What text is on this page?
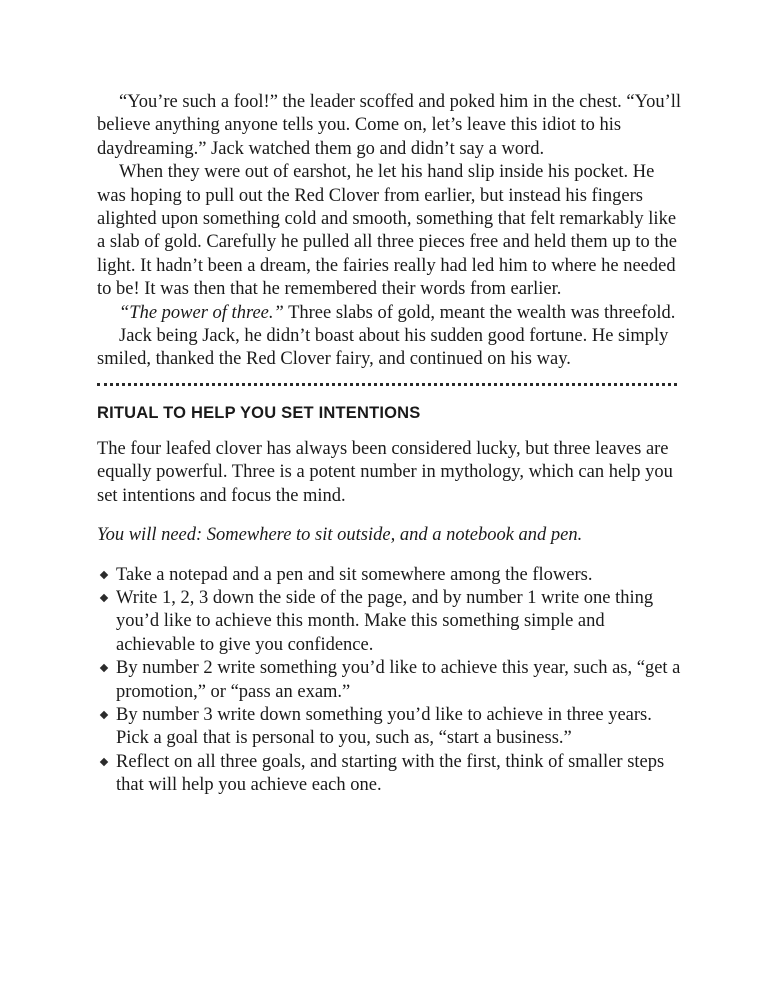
“You’re such a fool!” the leader scoffed and poked him in the chest. “You’ll believe anything anyone tells you. Come on, let’s leave this idiot to his daydreaming.” Jack watched them go and didn’t say a word.

When they were out of earshot, he let his hand slip inside his pocket. He was hoping to pull out the Red Clover from earlier, but instead his fingers alighted upon something cold and smooth, something that felt remarkably like a slab of gold. Carefully he pulled all three pieces free and held them up to the light. It hadn’t been a dream, the fairies really had led him to where he needed to be! It was then that he remembered their words from earlier.

“The power of three.” Three slabs of gold, meant the wealth was threefold.

Jack being Jack, he didn’t boast about his sudden good fortune. He simply smiled, thanked the Red Clover fairy, and continued on his way.

RITUAL TO HELP YOU SET INTENTIONS

The four leafed clover has always been considered lucky, but three leaves are equally powerful. Three is a potent number in mythology, which can help you set intentions and focus the mind.

You will need: Somewhere to sit outside, and a notebook and pen.

Take a notepad and a pen and sit somewhere among the flowers.
Write 1, 2, 3 down the side of the page, and by number 1 write one thing you’d like to achieve this month. Make this something simple and achievable to give you confidence.
By number 2 write something you’d like to achieve this year, such as, “get a promotion,” or “pass an exam.”
By number 3 write down something you’d like to achieve in three years. Pick a goal that is personal to you, such as, “start a business.”
Reflect on all three goals, and starting with the first, think of smaller steps that will help you achieve each one.
